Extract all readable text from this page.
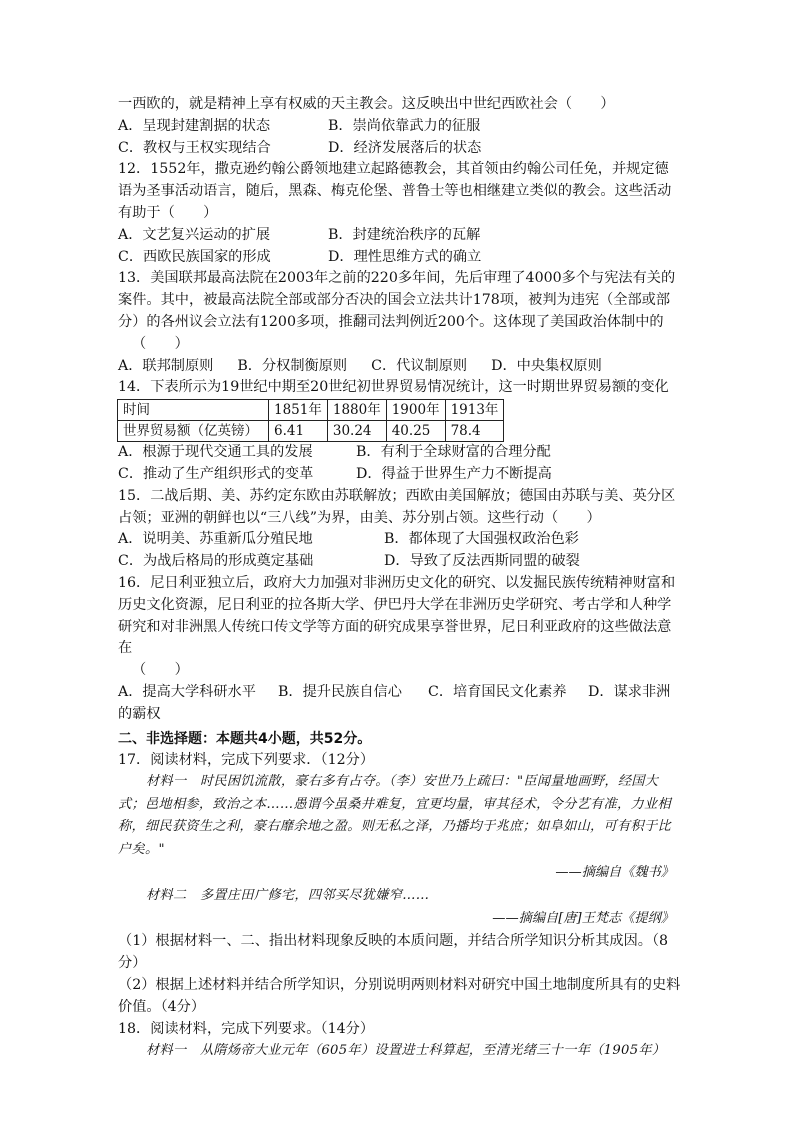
一西欧的，就是精神上享有权威的天主教会。这反映出中世纪西欧社会（　　）

A．呈现封建割据的状态	B．崇尚依靠武力的征服
C．教权与王权实现结合	D．经济发展落后的状态

12．1552年，撒克逊约翰公爵领地建立起路德教会，其首领由约翰公司任免，并规定德语为圣事活动语言，随后，黑森、梅克伦堡、普鲁士等也相继建立类似的教会。这些活动有助于（　　）

A．文艺复兴运动的扩展	B．封建统治秩序的瓦解
C．西欧民族国家的形成	D．理性思维方式的确立

13．美国联邦最高法院在2003年之前的220多年间，先后审理了4000多个与宪法有关的案件。其中，被最高法院全部或部分否决的国会立法共计178项，被判为违宪（全部或部分）的各州议会立法有1200多项，推翻司法判例近200个。这体现了美国政治体制中的

（　　）

A．联邦制原则 B．分权制衡原则 C．代议制原则 D．中央集权原则

14．下表所示为19世纪中期至20世纪初世界贸易情况统计，这一时期世界贸易额的变化

时间	1851年	1880年	1900年	1913年
世界贸易额（亿英镑）	6.41	30.24	40.25	78.4
A．根源于现代交通工具的发展	B．有利于全球财富的合理分配
C．推动了生产组织形式的变革	D．得益于世界生产力不断提高

15．二战后期、美、苏约定东欧由苏联解放；西欧由美国解放；德国由苏联与美、英分区占领；亚洲的朝鲜也以“三八线”为界，由美、苏分别占领。这些行动（　　）

A．说明美、苏重新瓜分殖民地	B．都体现了大国强权政治色彩
C．为战后格局的形成奠定基础	D．导致了反法西斯同盟的破裂

16．尼日利亚独立后，政府大力加强对非洲历史文化的研究、以发掘民族传统精神财富和历史文化资源，尼日利亚的拉各斯大学、伊巴丹大学在非洲历史学研究、考古学和人种学研究和对非洲黑人传统口传文学等方面的研究成果享誉世界，尼日利亚政府的这些做法意在

（　　）

A．提高大学科研水平	B．提升民族自信心	C．培育国民文化素养	D．谋求非洲

的霸权

二、非选择题：本题共4小题，共52分。

17．阅读材料，完成下列要求．（12分）

材料一　时民困饥流散，豪右多有占夺。（李）安世乃上疏曰："臣闻量地画野，经国大式；邑地相参，致治之本……愚谓今虽桑井难复，宜更均量，审其径术，令分艺有准，力业相称，细民获资生之利，豪右靡余地之盈。则无私之泽，乃播均于兆庶；如阜如山，可有积于比户矣。"

——摘编自《魏书》

材料二　多置庄田广修宅，四邻买尽犹嫌窄……

——摘编自[唐]王梵志《提纲》

（1）根据材料一、二、指出材料现象反映的本质问题，并结合所学知识分析其成因。（8分）

（2）根据上述材料并结合所学知识，分别说明两则材料对研究中国土地制度所具有的史料价值。（4分）

18．阅读材料，完成下列要求。（14分）

材料一　从隋炀帝大业元年（605年）设置进士科算起，至清光绪三十一年（1905年）
